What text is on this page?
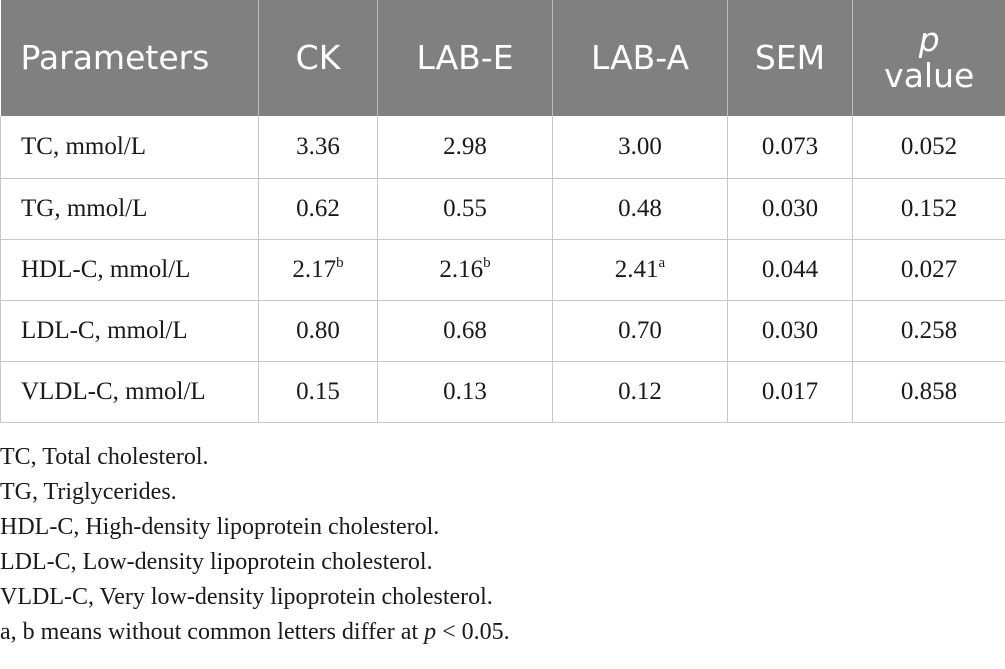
Parameters	CK	LAB-E	LAB-A	SEM	p
value
TC, mmol/L	3.36	2.98	3.00	0.073	0.052
TG, mmol/L	0.62	0.55	0.48	0.030	0.152
HDL-C, mmol/L	2.17$^b$	2.16$^b$	2.41$^a$	0.044	0.027
LDL-C, mmol/L	0.80	0.68	0.70	0.030	0.258
VLDL-C, mmol/L	0.15	0.13	0.12	0.017	0.858
TC, Total cholesterol.
TG, Triglycerides.
HDL-C, High-density lipoprotein cholesterol.
LDL-C, Low-density lipoprotein cholesterol.
VLDL-C, Very low-density lipoprotein cholesterol.
a, b means without common letters differ at p < 0.05.
